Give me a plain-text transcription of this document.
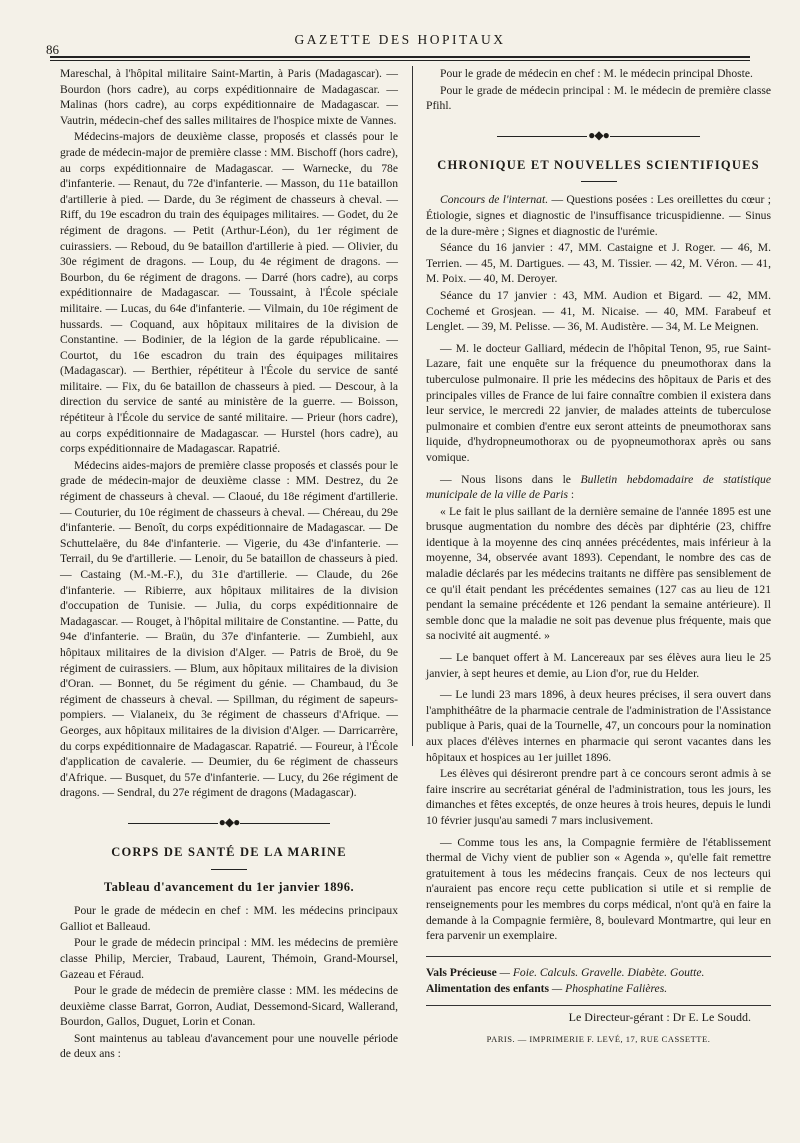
86
GAZETTE DES HOPITAUX

Mareschal, à l'hôpital militaire Saint-Martin, à Paris (Madagascar). — Bourdon (hors cadre), au corps expéditionnaire de Madagascar. — Malinas (hors cadre), au corps expéditionnaire de Madagascar. — Vautrin, médecin-chef des salles militaires de l'hospice mixte de Vannes.

Médecins-majors de deuxième classe, proposés et classés pour le grade de médecin-major de première classe : MM. Bischoff (hors cadre), au corps expéditionnaire de Madagascar. — Warnecke, du 78e d'infanterie. — Renaut, du 72e d'infanterie. — Masson, du 11e bataillon d'artillerie à pied. — Darde, du 3e régiment de chasseurs à cheval. — Riff, du 19e escadron du train des équipages militaires. — Godet, du 2e régiment de dragons. — Petit (Arthur-Léon), du 1er régiment de cuirassiers. — Reboud, du 9e bataillon d'artillerie à pied. — Olivier, du 30e régiment de dragons. — Loup, du 4e régiment de dragons. — Bourbon, du 6e régiment de dragons. — Darré (hors cadre), au corps expéditionnaire de Madagascar. — Toussaint, à l'École spéciale militaire. — Lucas, du 64e d'infanterie. — Vilmain, du 10e régiment de hussards. — Coquand, aux hôpitaux militaires de la division de Constantine. — Bodinier, de la légion de la garde républicaine. — Courtot, du 16e escadron du train des équipages militaires (Madagascar). — Berthier, répétiteur à l'École du service de santé militaire. — Fix, du 6e bataillon de chasseurs à pied. — Descour, à la direction du service de santé au ministère de la guerre. — Boisson, répétiteur à l'École du service de santé militaire. — Prieur (hors cadre), au corps expéditionnaire de Madagascar. — Hurstel (hors cadre), au corps expéditionnaire de Madagascar. Rapatrié.

Médecins aides-majors de première classe proposés et classés pour le grade de médecin-major de deuxième classe : MM. Destrez, du 2e régiment de chasseurs à cheval. — Claoué, du 18e régiment d'artillerie. — Couturier, du 10e régiment de chasseurs à cheval. — Chéreau, du 29e d'infanterie. — Benoît, du corps expéditionnaire de Madagascar. — De Schuttelaëre, du 84e d'infanterie. — Vigerie, du 43e d'infanterie. — Terrail, du 9e d'artillerie. — Lenoir, du 5e bataillon de chasseurs à pied. — Castaing (M.-M.-F.), du 31e d'artillerie. — Claude, du 26e d'infanterie. — Ribierre, aux hôpitaux militaires de la division d'occupation de Tunisie. — Julia, du corps expéditionnaire de Madagascar. — Rouget, à l'hôpital militaire de Constantine. — Patte, du 94e d'infanterie. — Braün, du 37e d'infanterie. — Zumbiehl, aux hôpitaux militaires de la division d'Alger. — Patris de Broë, du 9e régiment de cuirassiers. — Blum, aux hôpitaux militaires de la division d'Oran. — Bonnet, du 5e régiment du génie. — Chambaud, du 3e régiment de chasseurs à cheval. — Spillman, du régiment de sapeurs-pompiers. — Vialaneix, du 3e régiment de chasseurs d'Afrique. — Georges, aux hôpitaux militaires de la division d'Alger. — Darricarrère, du corps expéditionnaire de Madagascar. Rapatrié. — Foureur, à l'École d'application de cavalerie. — Deumier, du 6e régiment de chasseurs d'Afrique. — Busquet, du 57e d'infanterie. — Lucy, du 26e régiment de dragons. — Sendral, du 27e régiment de dragons (Madagascar).

●◆●
CORPS DE SANTÉ DE LA MARINE
Tableau d'avancement du 1er janvier 1896.

Pour le grade de médecin en chef : MM. les médecins principaux Galliot et Balleaud.

Pour le grade de médecin principal : MM. les médecins de première classe Philip, Mercier, Trabaud, Laurent, Thémoin, Grand-Moursel, Gazeau et Féraud.

Pour le grade de médecin de première classe : MM. les médecins de deuxième classe Barrat, Gorron, Audiat, Dessemond-Sicard, Wallerand, Bourdon, Gallos, Duguet, Lorin et Conan.

Sont maintenus au tableau d'avancement pour une nouvelle période de deux ans :

Pour le grade de médecin en chef : M. le médecin principal Dhoste.

Pour le grade de médecin principal : M. le médecin de première classe Pfihl.

●◆●
CHRONIQUE ET NOUVELLES SCIENTIFIQUES

Concours de l'internat. — Questions posées : Les oreillettes du cœur ; Étiologie, signes et diagnostic de l'insuffisance tricuspidienne. — Sinus de la dure-mère ; Signes et diagnostic de l'urémie.

Séance du 16 janvier : 47, MM. Castaigne et J. Roger. — 46, M. Terrien. — 45, M. Dartigues. — 43, M. Tissier. — 42, M. Véron. — 41, M. Poix. — 40, M. Deroyer.

Séance du 17 janvier : 43, MM. Audion et Bigard. — 42, MM. Cochemé et Grosjean. — 41, M. Nicaise. — 40, MM. Farabeuf et Lenglet. — 39, M. Pelisse. — 36, M. Audistère. — 34, M. Le Meignen.

— M. le docteur Galliard, médecin de l'hôpital Tenon, 95, rue Saint-Lazare, fait une enquête sur la fréquence du pneumothorax dans la tuberculose pulmonaire. Il prie les médecins des hôpitaux de Paris et des principales villes de France de lui faire connaître combien il existera dans leur service, le mercredi 22 janvier, de malades atteints de tuberculose pulmonaire et combien d'entre eux seront atteints de pneumothorax sans liquide, d'hydropneumothorax ou de pyopneumothorax après ou sans vomique.

— Nous lisons dans le Bulletin hebdomadaire de statistique municipale de la ville de Paris :

« Le fait le plus saillant de la dernière semaine de l'année 1895 est une brusque augmentation du nombre des décès par diphtérie (23, chiffre identique à la moyenne des cinq années précédentes, mais inférieur à la moyenne, 34, observée avant 1893). Cependant, le nombre des cas de maladie déclarés par les médecins traitants ne diffère pas sensiblement de ce qu'il était pendant les précédentes semaines (127 cas au lieu de 121 pendant la semaine précédente et 126 pendant la semaine antérieure). Il semble donc que la maladie ne soit pas devenue plus fréquente, mais que sa nocivité ait augmenté. »

— Le banquet offert à M. Lancereaux par ses élèves aura lieu le 25 janvier, à sept heures et demie, au Lion d'or, rue du Helder.

— Le lundi 23 mars 1896, à deux heures précises, il sera ouvert dans l'amphithéâtre de la pharmacie centrale de l'administration de l'Assistance publique à Paris, quai de la Tournelle, 47, un concours pour la nomination aux places d'élèves internes en pharmacie qui seront vacantes dans les hôpitaux et hospices au 1er juillet 1896.

Les élèves qui désireront prendre part à ce concours seront admis à se faire inscrire au secrétariat général de l'administration, tous les jours, les dimanches et fêtes exceptés, de onze heures à trois heures, depuis le lundi 10 février jusqu'au samedi 7 mars inclusivement.

— Comme tous les ans, la Compagnie fermière de l'établissement thermal de Vichy vient de publier son « Agenda », qu'elle fait remettre gratuitement à tous les médecins français. Ceux de nos lecteurs qui n'auraient pas encore reçu cette publication si utile et si remplie de renseignements pour les membres du corps médical, n'ont qu'à en faire la demande à la Compagnie fermière, 8, boulevard Montmartre, qui leur en fera parvenir un exemplaire.

Vals Précieuse — Foie. Calculs. Gravelle. Diabète. Goutte.

Alimentation des enfants — Phosphatine Falières.

Le Directeur-gérant : Dr E. Le Soudd.
PARIS. — IMPRIMERIE F. LEVÉ, 17, RUE CASSETTE.
